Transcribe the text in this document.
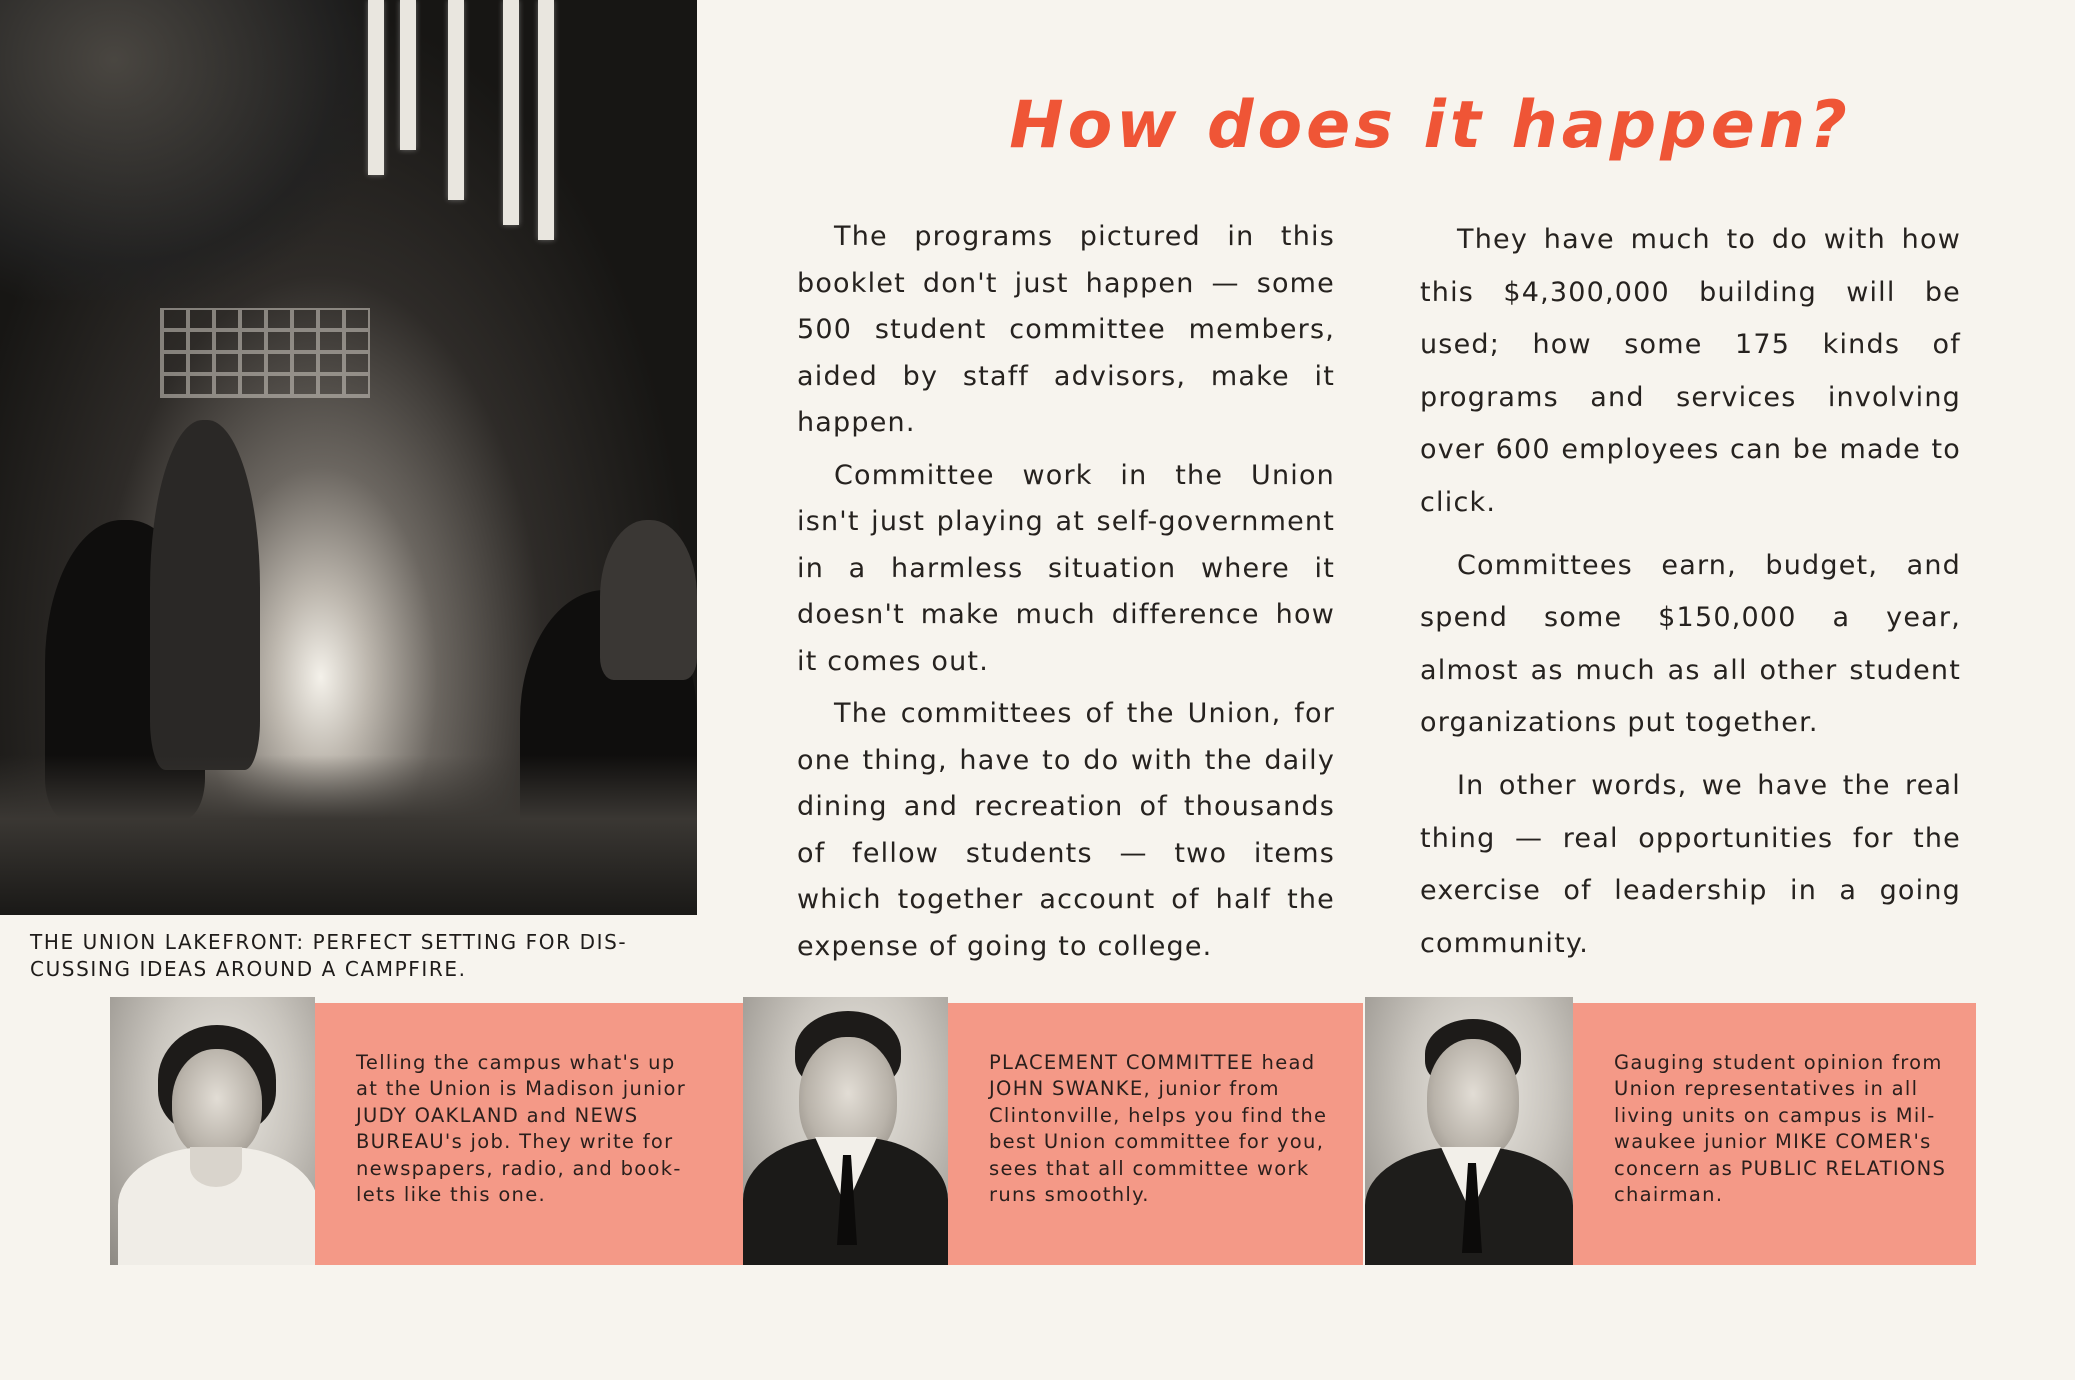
THE UNION LAKEFRONT: PERFECT SETTING FOR DIS-
CUSSING IDEAS AROUND A CAMPFIRE.
How does it happen?

The programs pictured in this booklet don't just happen — some 500 student committee members, aided by staff advisors, make it happen.

Committee work in the Union isn't just playing at self-government in a harmless situation where it doesn't make much difference how it comes out.

The committees of the Union, for one thing, have to do with the daily dining and recreation of thousands of fellow students — two items which together account of half the expense of going to college.

They have much to do with how this $4,300,000 building will be used; how some 175 kinds of programs and services involving over 600 employees can be made to click.

Committees earn, budget, and spend some $150,000 a year, almost as much as all other student organizations put together.

In other words, we have the real thing — real opportunities for the exercise of leadership in a going community.

Telling the campus what's up
at the Union is Madison junior
JUDY OAKLAND and NEWS
BUREAU's job. They write for
newspapers, radio, and book-
lets like this one.
PLACEMENT COMMITTEE head
JOHN SWANKE, junior from
Clintonville, helps you find the
best Union committee for you,
sees that all committee work
runs smoothly.
Gauging student opinion from
Union representatives in all
living units on campus is Mil-
waukee junior MIKE COMER's
concern as PUBLIC RELATIONS
chairman.
